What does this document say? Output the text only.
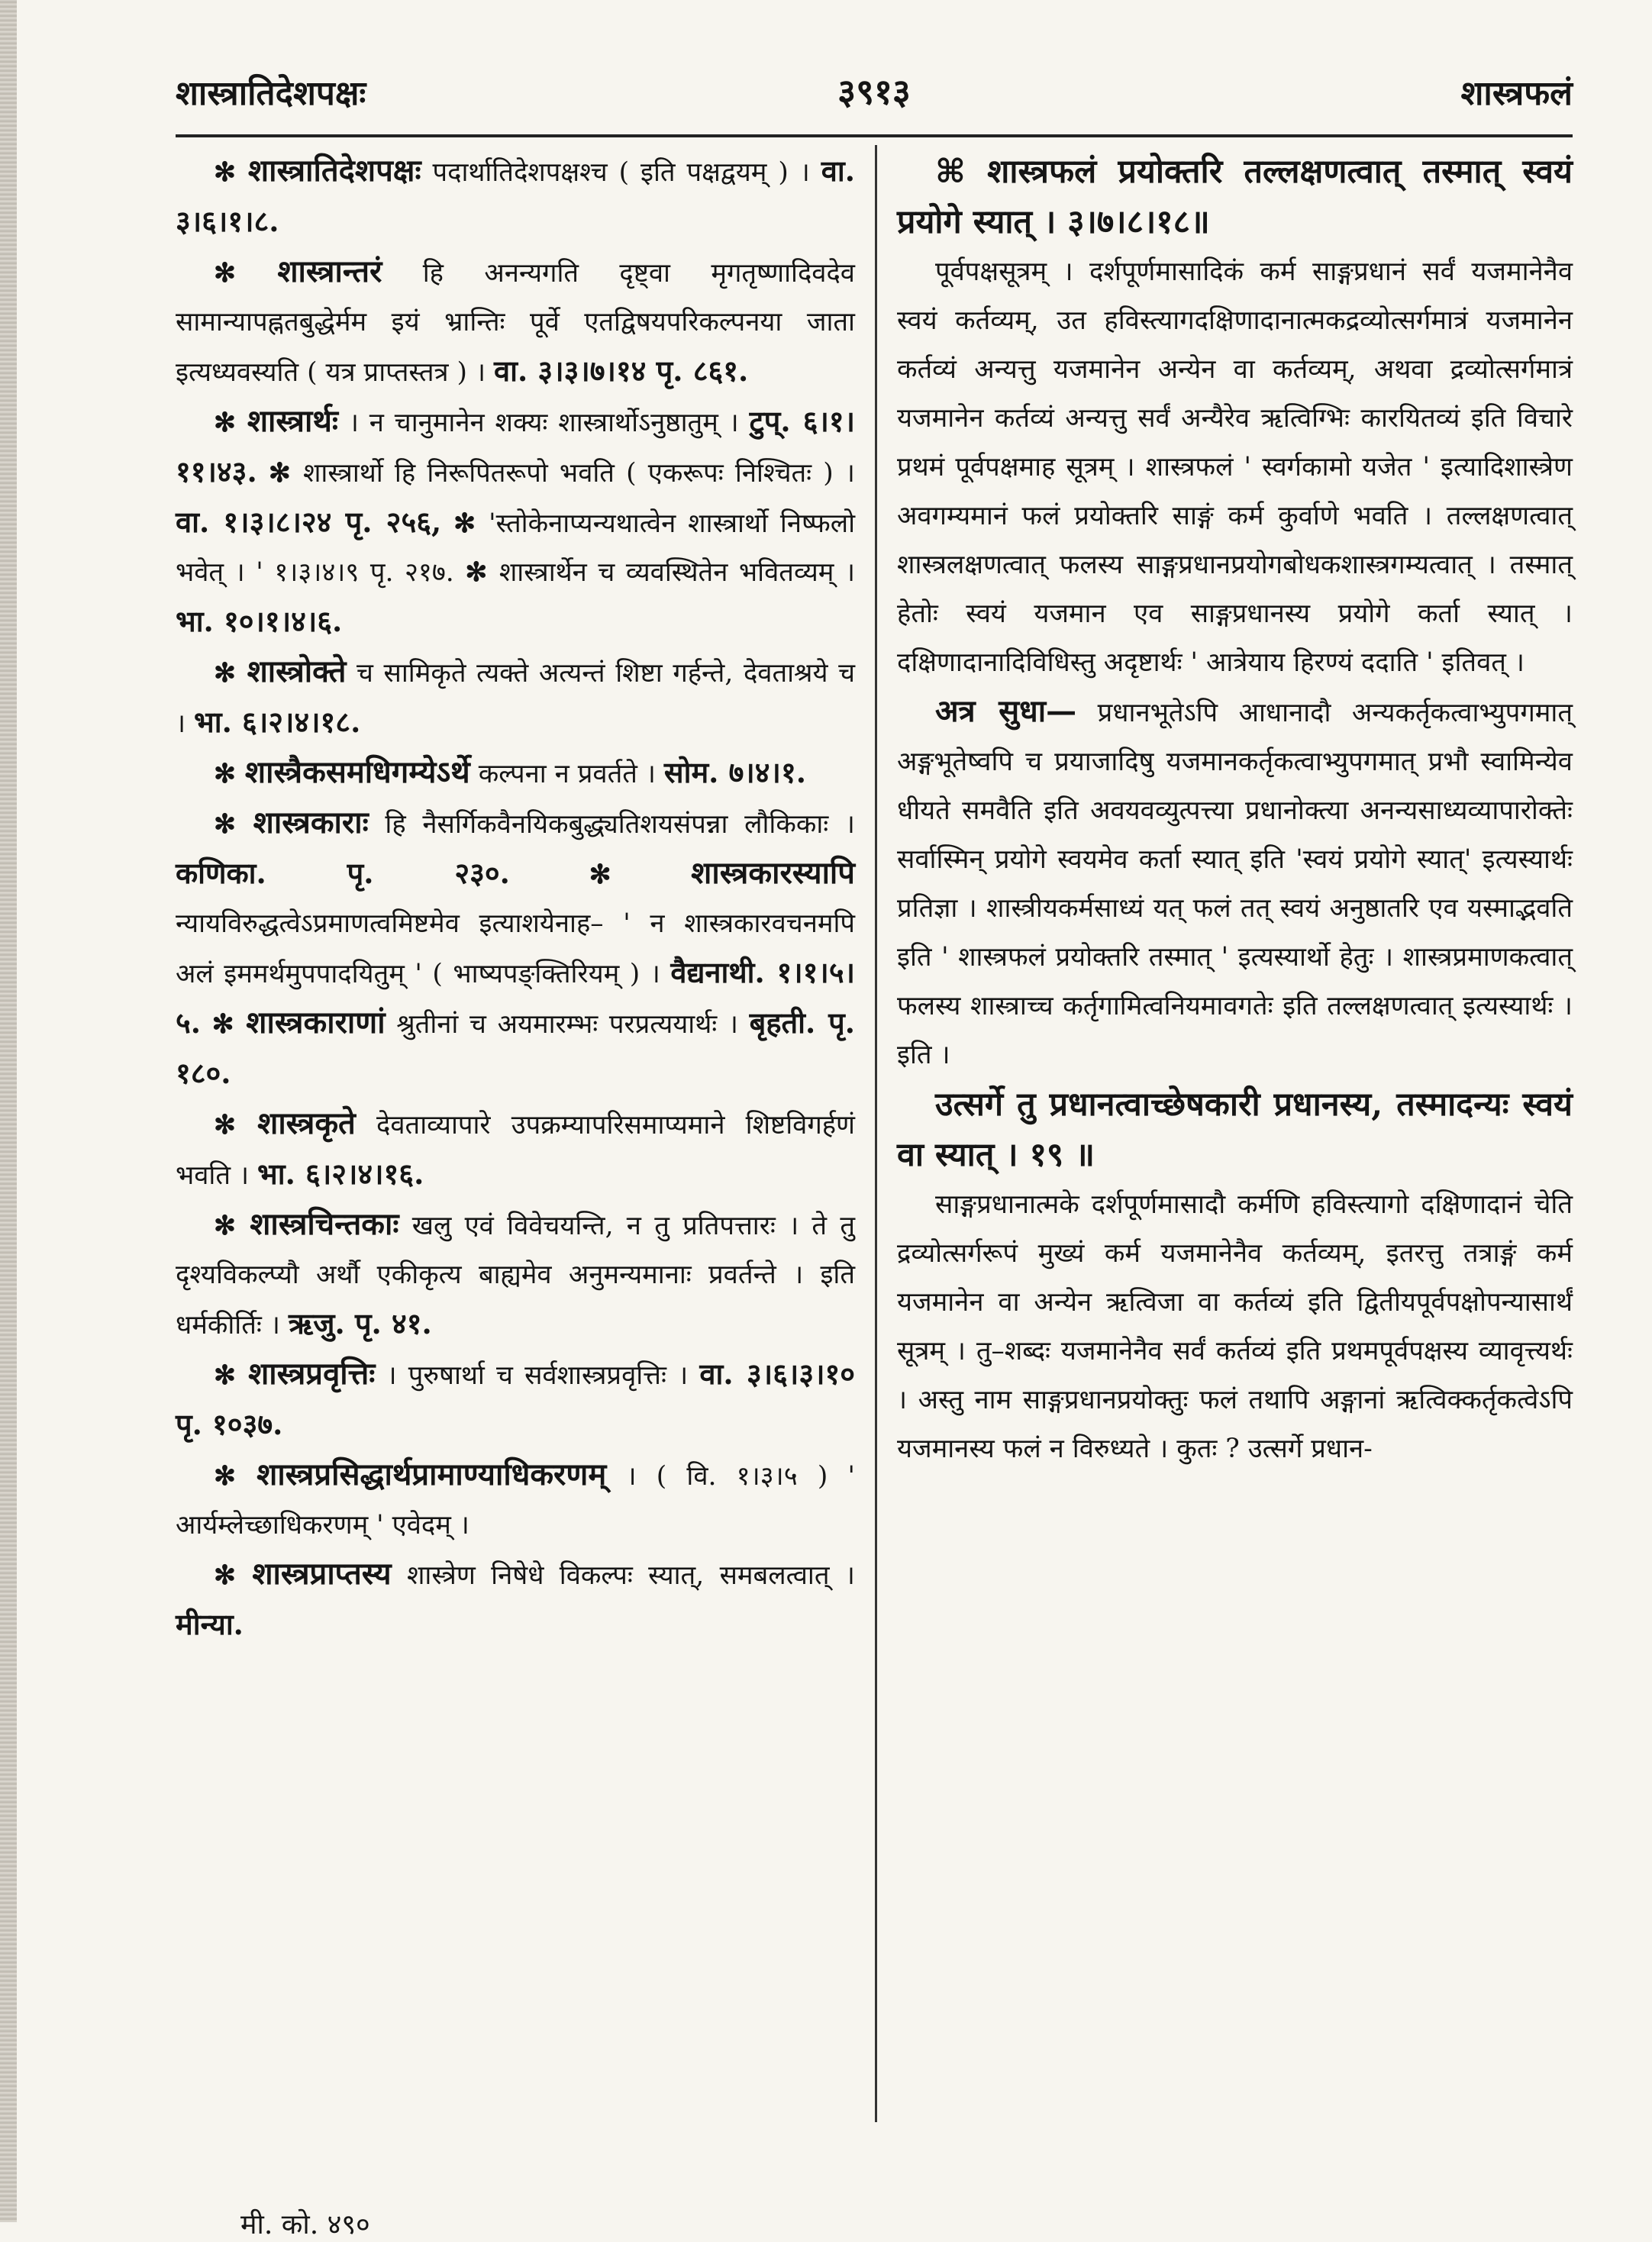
शास्त्रातिदेशपक्षः	३९१३	शास्त्रफलं

✻ शास्त्रातिदेशपक्षः पदार्थातिदेशपक्षश्च ( इति पक्षद्वयम् ) । वा. ३।६।१।८.

✻ शास्त्रान्तरं हि अनन्यगति दृष्ट्वा मृगतृष्णादिवदेव सामान्यापह्नतबुद्धेर्मम इयं भ्रान्तिः पूर्वे एतद्विषयपरिकल्पनया जाता इत्यध्यवस्यति ( यत्र प्राप्तस्तत्र ) । वा. ३।३।७।१४ पृ. ८६१.

✻ शास्त्रार्थः । न चानुमानेन शक्यः शास्त्रार्थोऽनुष्ठातुम् । टुप्. ६।१।११।४३. ✻ शास्त्रार्थो हि निरूपितरूपो भवति ( एकरूपः निश्चितः ) । वा. १।३।८।२४ पृ. २५६, ✻ 'स्तोकेनाप्यन्यथात्वेन शास्त्रार्थो निष्फलो भवेत् । ' १।३।४।९ पृ. २१७. ✻ शास्त्रार्थेन च व्यवस्थितेन भवितव्यम् । भा. १०।१।४।६.

✻ शास्त्रोक्ते च सामिकृते त्यक्ते अत्यन्तं शिष्टा गर्हन्ते, देवताश्रये च । भा. ६।२।४।१८.

✻ शास्त्रैकसमधिगम्येऽर्थे कल्पना न प्रवर्तते । सोम. ७।४।१.

✻ शास्त्रकाराः हि नैसर्गिकवैनयिकबुद्ध्यतिशयसंपन्ना लौकिकाः । कणिका. पृ. २३०.	✻ शास्त्रकारस्यापि न्यायविरुद्धत्वेऽप्रमाणत्वमिष्टमेव इत्याशयेनाह– ' न शास्त्रकारवचनमपि अलं इममर्थमुपपादयितुम् ' ( भाष्यपङ्क्तिरियम् ) । वैद्यनाथी. १।१।५।५. ✻ शास्त्रकाराणां श्रुतीनां च अयमारम्भः परप्रत्ययार्थः । बृहती. पृ. १८०.

✻ शास्त्रकृते देवताव्यापारे उपक्रम्यापरिसमाप्यमाने शिष्टविगर्हणं भवति । भा. ६।२।४।१६.

✻ शास्त्रचिन्तकाः खलु एवं विवेचयन्ति, न तु प्रतिपत्तारः । ते तु दृश्यविकल्प्यौ अर्थौ एकीकृत्य बाह्यमेव अनुमन्यमानाः प्रवर्तन्ते । इति धर्मकीर्तिः । ऋजु. पृ. ४१.

✻ शास्त्रप्रवृत्तिः । पुरुषार्था च सर्वशास्त्रप्रवृत्तिः । वा. ३।६।३।१० पृ. १०३७.

✻ शास्त्रप्रसिद्धार्थप्रामाण्याधिकरणम् । ( वि. १।३।५ ) ' आर्यम्लेच्छाधिकरणम् ' एवेदम् ।

✻ शास्त्रप्राप्तस्य शास्त्रेण निषेधे विकल्पः स्यात्, समबलत्वात् । मीन्या.

⌘ शास्त्रफलं प्रयोक्तरि तल्लक्षणत्वात् तस्मात् स्वयं प्रयोगे स्यात् । ३।७।८।१८॥

पूर्वपक्षसूत्रम् । दर्शपूर्णमासादिकं कर्म साङ्गप्रधानं सर्वं यजमानेनैव स्वयं कर्तव्यम्, उत हविस्त्यागदक्षिणादानात्मकद्रव्योत्सर्गमात्रं यजमानेन कर्तव्यं अन्यत्तु यजमानेन अन्येन वा कर्तव्यम्, अथवा द्रव्योत्सर्गमात्रं यजमानेन कर्तव्यं अन्यत्तु सर्वं अन्यैरेव ऋत्विग्भिः कारयितव्यं इति विचारे प्रथमं पूर्वपक्षमाह सूत्रम् । शास्त्रफलं ' स्वर्गकामो यजेत ' इत्यादिशास्त्रेण अवगम्यमानं फलं प्रयोक्तरि साङ्गं कर्म कुर्वाणे भवति । तल्लक्षणत्वात् शास्त्रलक्षणत्वात् फलस्य साङ्गप्रधानप्रयोगबोधकशास्त्रगम्यत्वात् । तस्मात् हेतोः स्वयं यजमान एव साङ्गप्रधानस्य प्रयोगे कर्ता स्यात् । दक्षिणादानादिविधिस्तु अदृष्टार्थः ' आत्रेयाय हिरण्यं ददाति ' इतिवत् ।

अत्र सुधा— प्रधानभूतेऽपि आधानादौ अन्यकर्तृकत्वाभ्युपगमात् अङ्गभूतेष्वपि च प्रयाजादिषु यजमानकर्तृकत्वाभ्युपगमात् प्रभौ स्वामिन्येव धीयते समवैति इति अवयवव्युत्पत्त्या प्रधानोक्त्या अनन्यसाध्यव्यापारोक्तेः सर्वास्मिन् प्रयोगे स्वयमेव कर्ता स्यात् इति 'स्वयं प्रयोगे स्यात्' इत्यस्यार्थः प्रतिज्ञा । शास्त्रीयकर्मसाध्यं यत् फलं तत् स्वयं अनुष्ठातरि एव यस्माद्भवति इति ' शास्त्रफलं प्रयोक्तरि तस्मात् ' इत्यस्यार्थो हेतुः । शास्त्रप्रमाणकत्वात् फलस्य शास्त्राच्च कर्तृगामित्वनियमावगतेः इति तल्लक्षणत्वात् इत्यस्यार्थः । इति ।

उत्सर्गे तु प्रधानत्वाच्छेषकारी प्रधानस्य, तस्मादन्यः स्वयं वा स्यात् । १९ ॥

साङ्गप्रधानात्मके दर्शपूर्णमासादौ कर्मणि हविस्त्यागो दक्षिणादानं चेति द्रव्योत्सर्गरूपं मुख्यं कर्म यजमानेनैव कर्तव्यम्, इतरत्तु तत्राङ्गं कर्म यजमानेन वा अन्येन ऋत्विजा वा कर्तव्यं इति द्वितीयपूर्वपक्षोपन्यासार्थं सूत्रम् । तु–शब्दः यजमानेनैव सर्वं कर्तव्यं इति प्रथमपूर्वपक्षस्य व्यावृत्त्यर्थः । अस्तु नाम साङ्गप्रधानप्रयोक्तुः फलं तथापि अङ्गानां ऋत्विक्कर्तृकत्वेऽपि यजमानस्य फलं न विरुध्यते । कुतः ? उत्सर्गे प्रधान-

मी. को. ४९०
